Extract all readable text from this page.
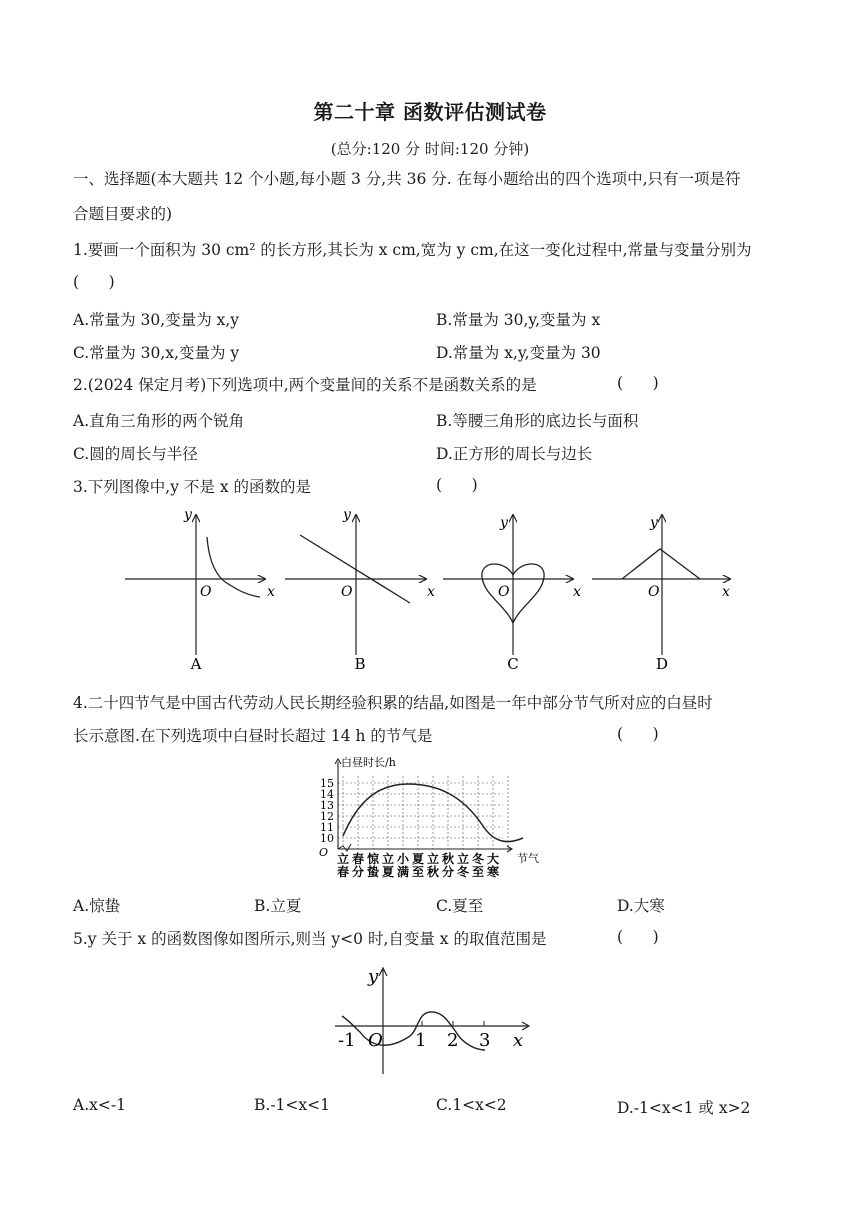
第二十章 函数评估测试卷
(总分:120 分 时间:120 分钟)
一、选择题(本大题共 12 个小题,每小题 3 分,共 36 分. 在每小题给出的四个选项中,只有一项是符
合题目要求的)
1.要画一个面积为 30 cm² 的长方形,其长为 x cm,宽为 y cm,在这一变化过程中,常量与变量分别为
(      )
A.常量为 30,变量为 x,y	B.常量为 30,y,变量为 x
C.常量为 30,x,变量为 y	D.常量为 x,y,变量为 30
2.(2024 保定月考)下列选项中,两个变量间的关系不是函数关系的是	(      )
A.直角三角形的两个锐角	B.等腰三角形的底边长与面积
C.圆的周长与半径	D.正方形的周长与边长
3.下列图像中,y 不是 x 的函数的是	(      )
y
O	x
A
y
O	x
B
y
O	x
C
y
O	x
D
4.二十四节气是中国古代劳动人民长期经验积累的结晶,如图是一年中部分节气所对应的白昼时
长示意图.在下列选项中白昼时长超过 14 h 的节气是	(      )
白昼时长/h
节气
O
10
11
12
13
14
15
立 春 惊 立 小 夏 立 秋 立 冬 大
春 分 蛰 夏 满 至 秋 分 冬 至 寒
A.惊蛰	B.立夏	C.夏至	D.大寒
5.y 关于 x 的函数图像如图所示,则当 y<0 时,自变量 x 的取值范围是	(      )
y
x
O
-1	1 2 3
A.x<-1	B.-1<x<1	C.1<x<2	D.-1<x<1 或 x>2
